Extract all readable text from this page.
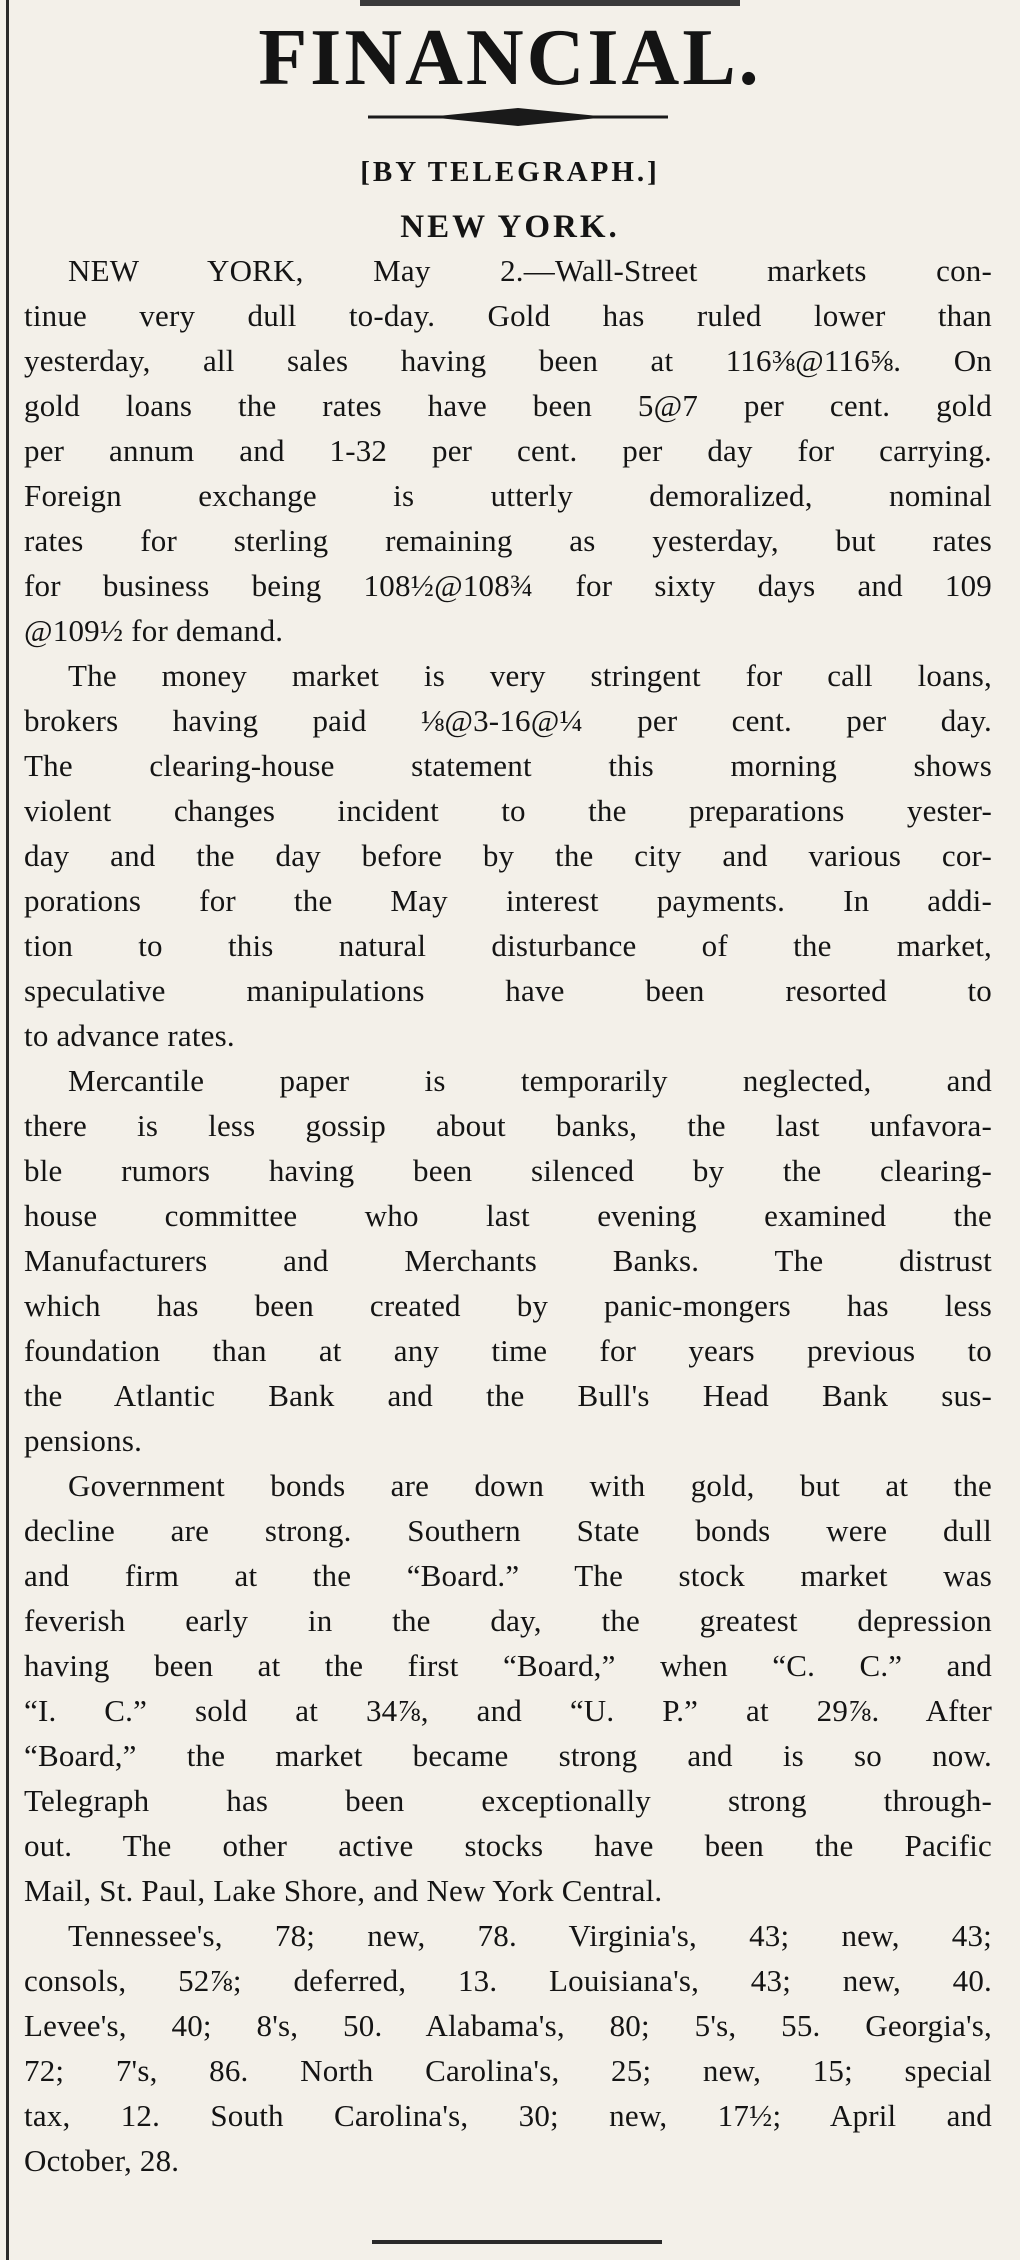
FINANCIAL.
[BY TELEGRAPH.]
NEW YORK.
NEW YORK, May 2.—Wall-Street markets con-
tinue very dull to-day. Gold has ruled lower than
yesterday, all sales having been at 116⅜@116⅝. On
gold loans the rates have been 5@7 per cent. gold
per annum and 1-32 per cent. per day for carrying.
Foreign exchange is utterly demoralized, nominal
rates for sterling remaining as yesterday, but rates
for business being 108½@108¾ for sixty days and 109
@109½ for demand.
The money market is very stringent for call loans,
brokers having paid ⅛@3-16@¼ per cent. per day.
The clearing-house statement this morning shows
violent changes incident to the preparations yester-
day and the day before by the city and various cor-
porations for the May interest payments. In addi-
tion to this natural disturbance of the market,
speculative manipulations have been resorted to
to advance rates.
Mercantile paper is temporarily neglected, and
there is less gossip about banks, the last unfavora-
ble rumors having been silenced by the clearing-
house committee who last evening examined the
Manufacturers and Merchants Banks. The distrust
which has been created by panic-mongers has less
foundation than at any time for years previous to
the Atlantic Bank and the Bull's Head Bank sus-
pensions.
Government bonds are down with gold, but at the
decline are strong. Southern State bonds were dull
and firm at the “Board.” The stock market was
feverish early in the day, the greatest depression
having been at the first “Board,” when “C. C.” and
“I. C.” sold at 34⅞, and “U. P.” at 29⅞. After
“Board,” the market became strong and is so now.
Telegraph has been exceptionally strong through-
out. The other active stocks have been the Pacific
Mail, St. Paul, Lake Shore, and New York Central.
Tennessee's, 78; new, 78. Virginia's, 43; new, 43;
consols, 52⅞; deferred, 13. Louisiana's, 43; new, 40.
Levee's, 40; 8's, 50. Alabama's, 80; 5's, 55. Georgia's,
72; 7's, 86. North Carolina's, 25; new, 15; special
tax, 12. South Carolina's, 30; new, 17½; April and
October, 28.
